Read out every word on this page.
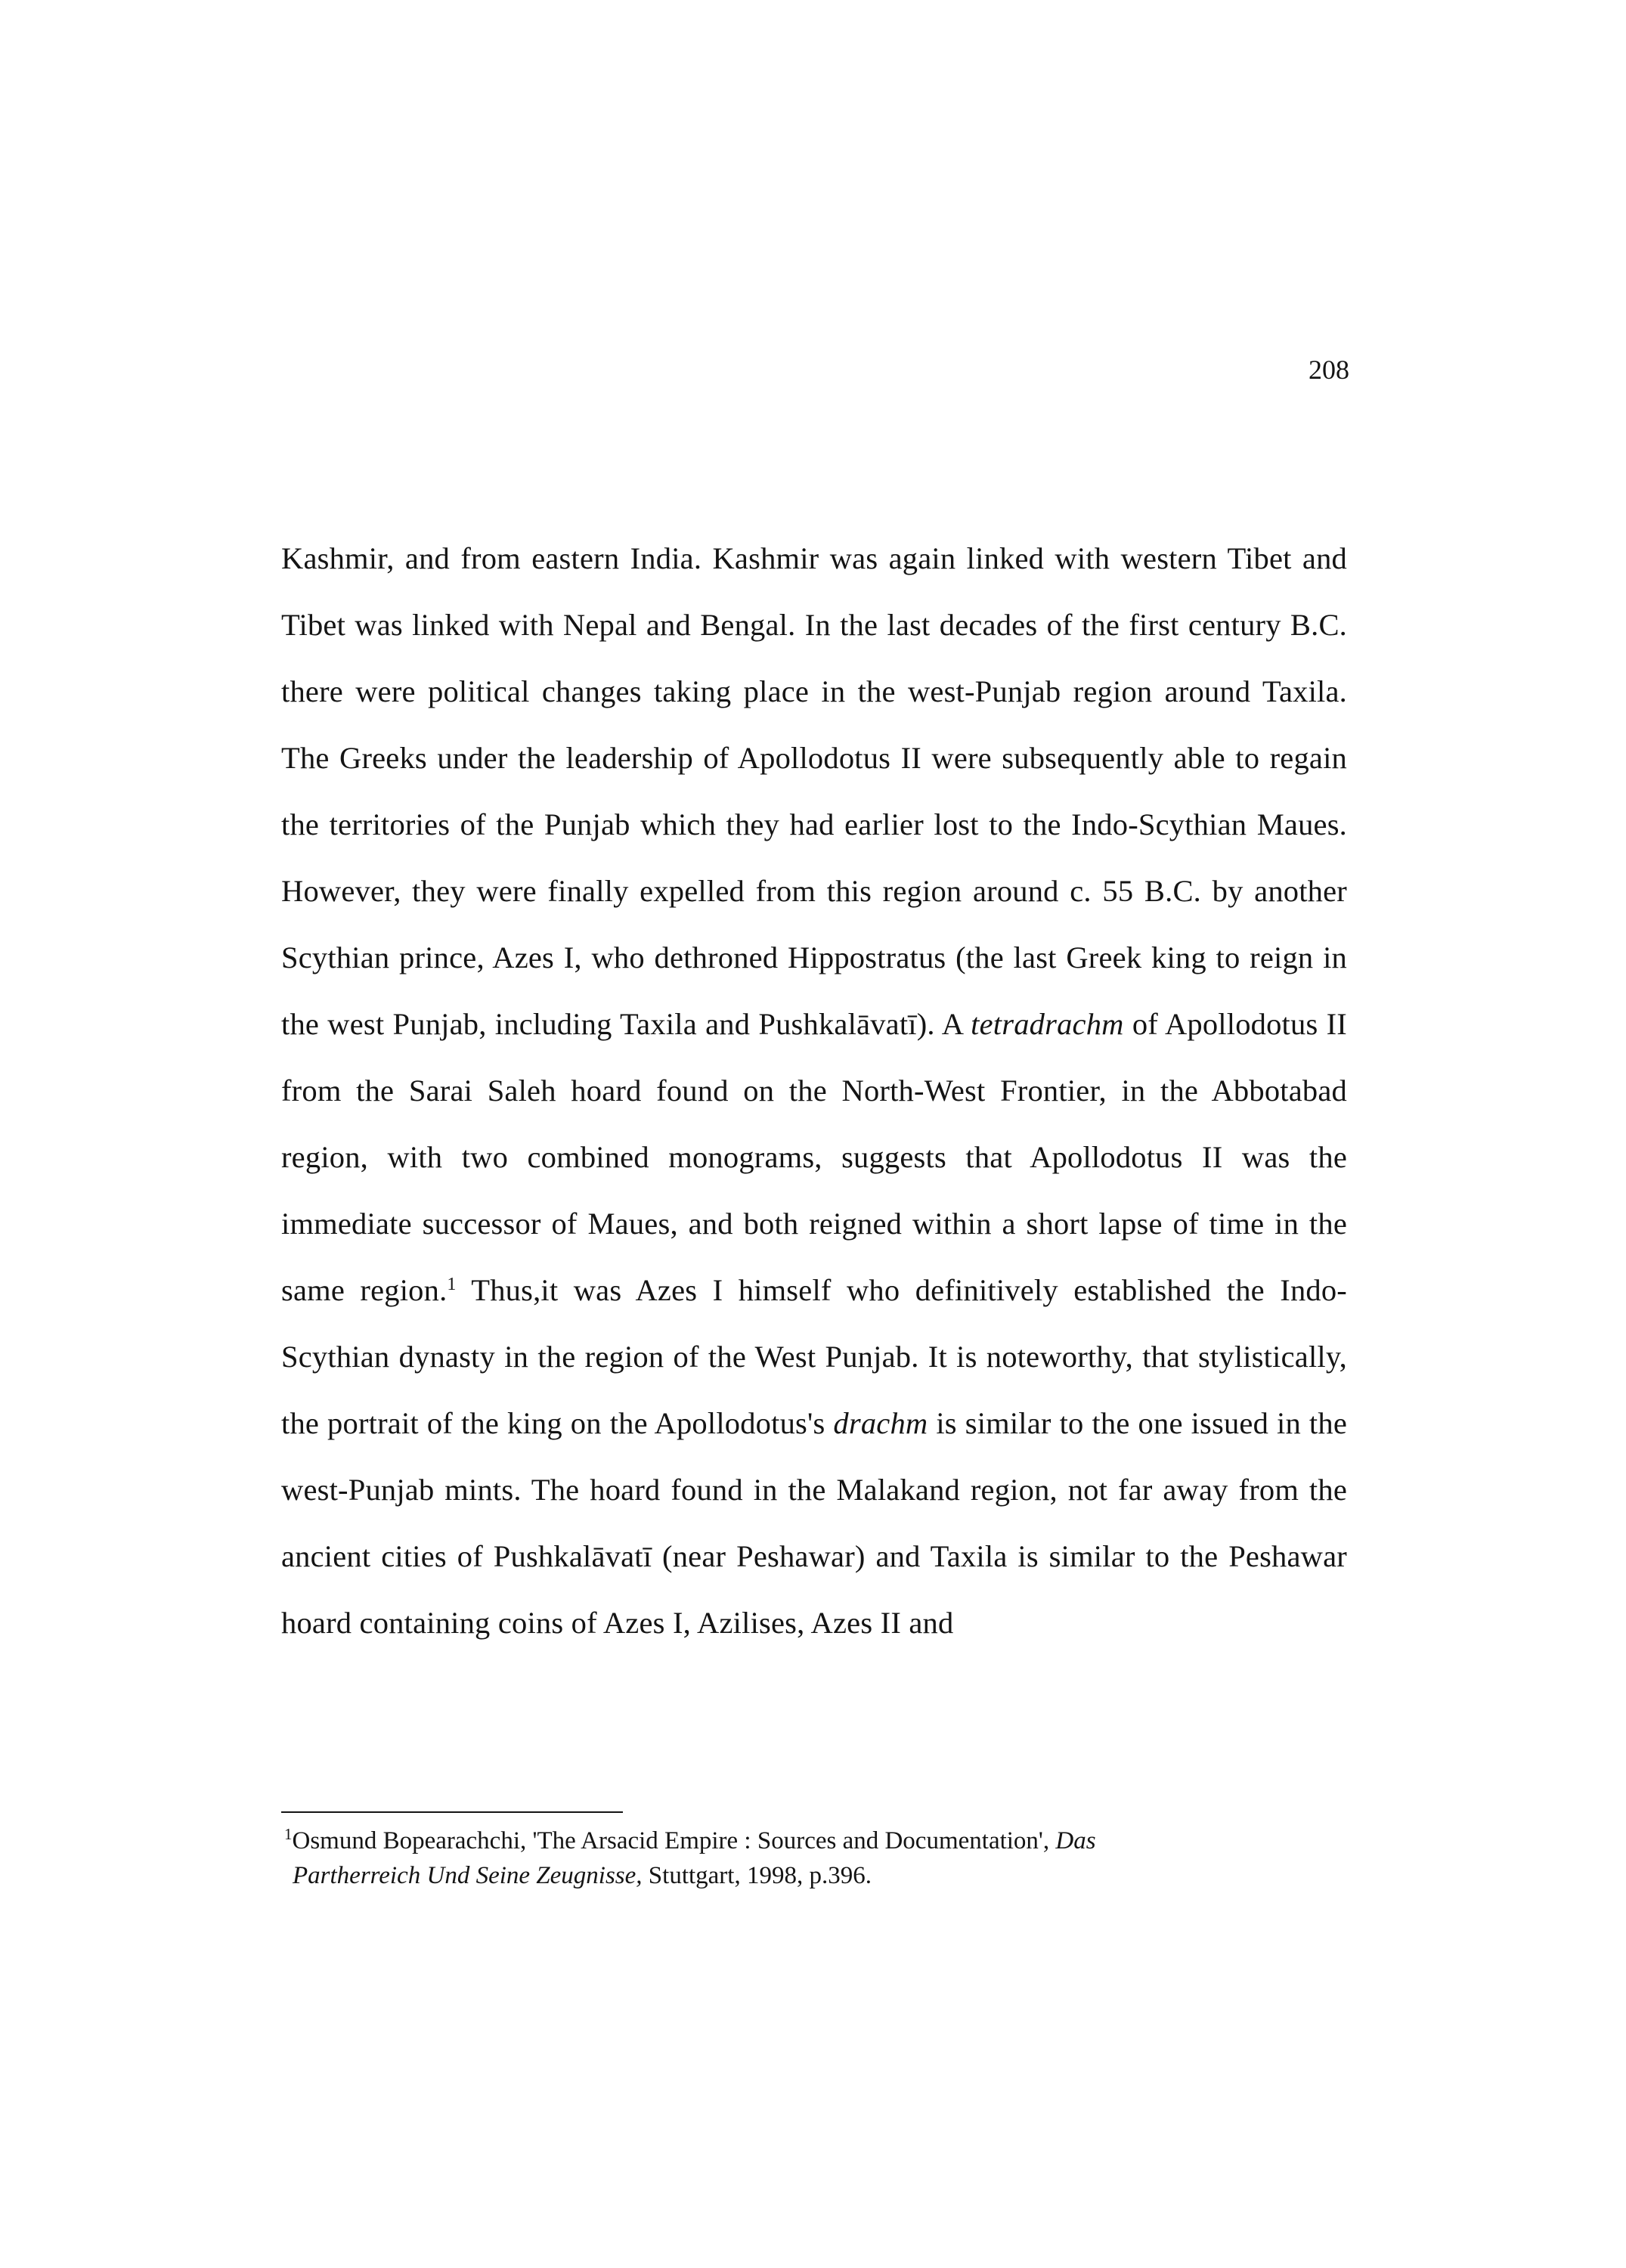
208

Kashmir, and from eastern India. Kashmir was again linked with western Tibet and Tibet was linked with Nepal and Bengal. In the last decades of the first century B.C. there were political changes taking place in the west-Punjab region around Taxila. The Greeks under the leadership of Apollodotus II were subsequently able to regain the territories of the Punjab which they had earlier lost to the Indo-Scythian Maues. However, they were finally expelled from this region around c. 55 B.C. by another Scythian prince, Azes I, who dethroned Hippostratus (the last Greek king to reign in the west Punjab, including Taxila and Pushkalāvatī). A tetradrachm of Apollodotus II from the Sarai Saleh hoard found on the North-West Frontier, in the Abbotabad region, with two combined monograms, suggests that Apollodotus II was the immediate successor of Maues, and both reigned within a short lapse of time in the same region.$^1$ Thus,it was Azes I himself who definitively established the Indo-Scythian dynasty in the region of the West Punjab. It is noteworthy, that stylistically, the portrait of the king on the Apollodotus's drachm is similar to the one issued in the west-Punjab mints. The hoard found in the Malakand region, not far away from the ancient cities of Pushkalāvatī (near Peshawar) and Taxila is similar to the Peshawar hoard containing coins of Azes I, Azilises, Azes II and

$^1$Osmund Bopearachchi, 'The Arsacid Empire : Sources and Documentation', Das
Partherreich Und Seine Zeugnisse, Stuttgart, 1998, p.396.
